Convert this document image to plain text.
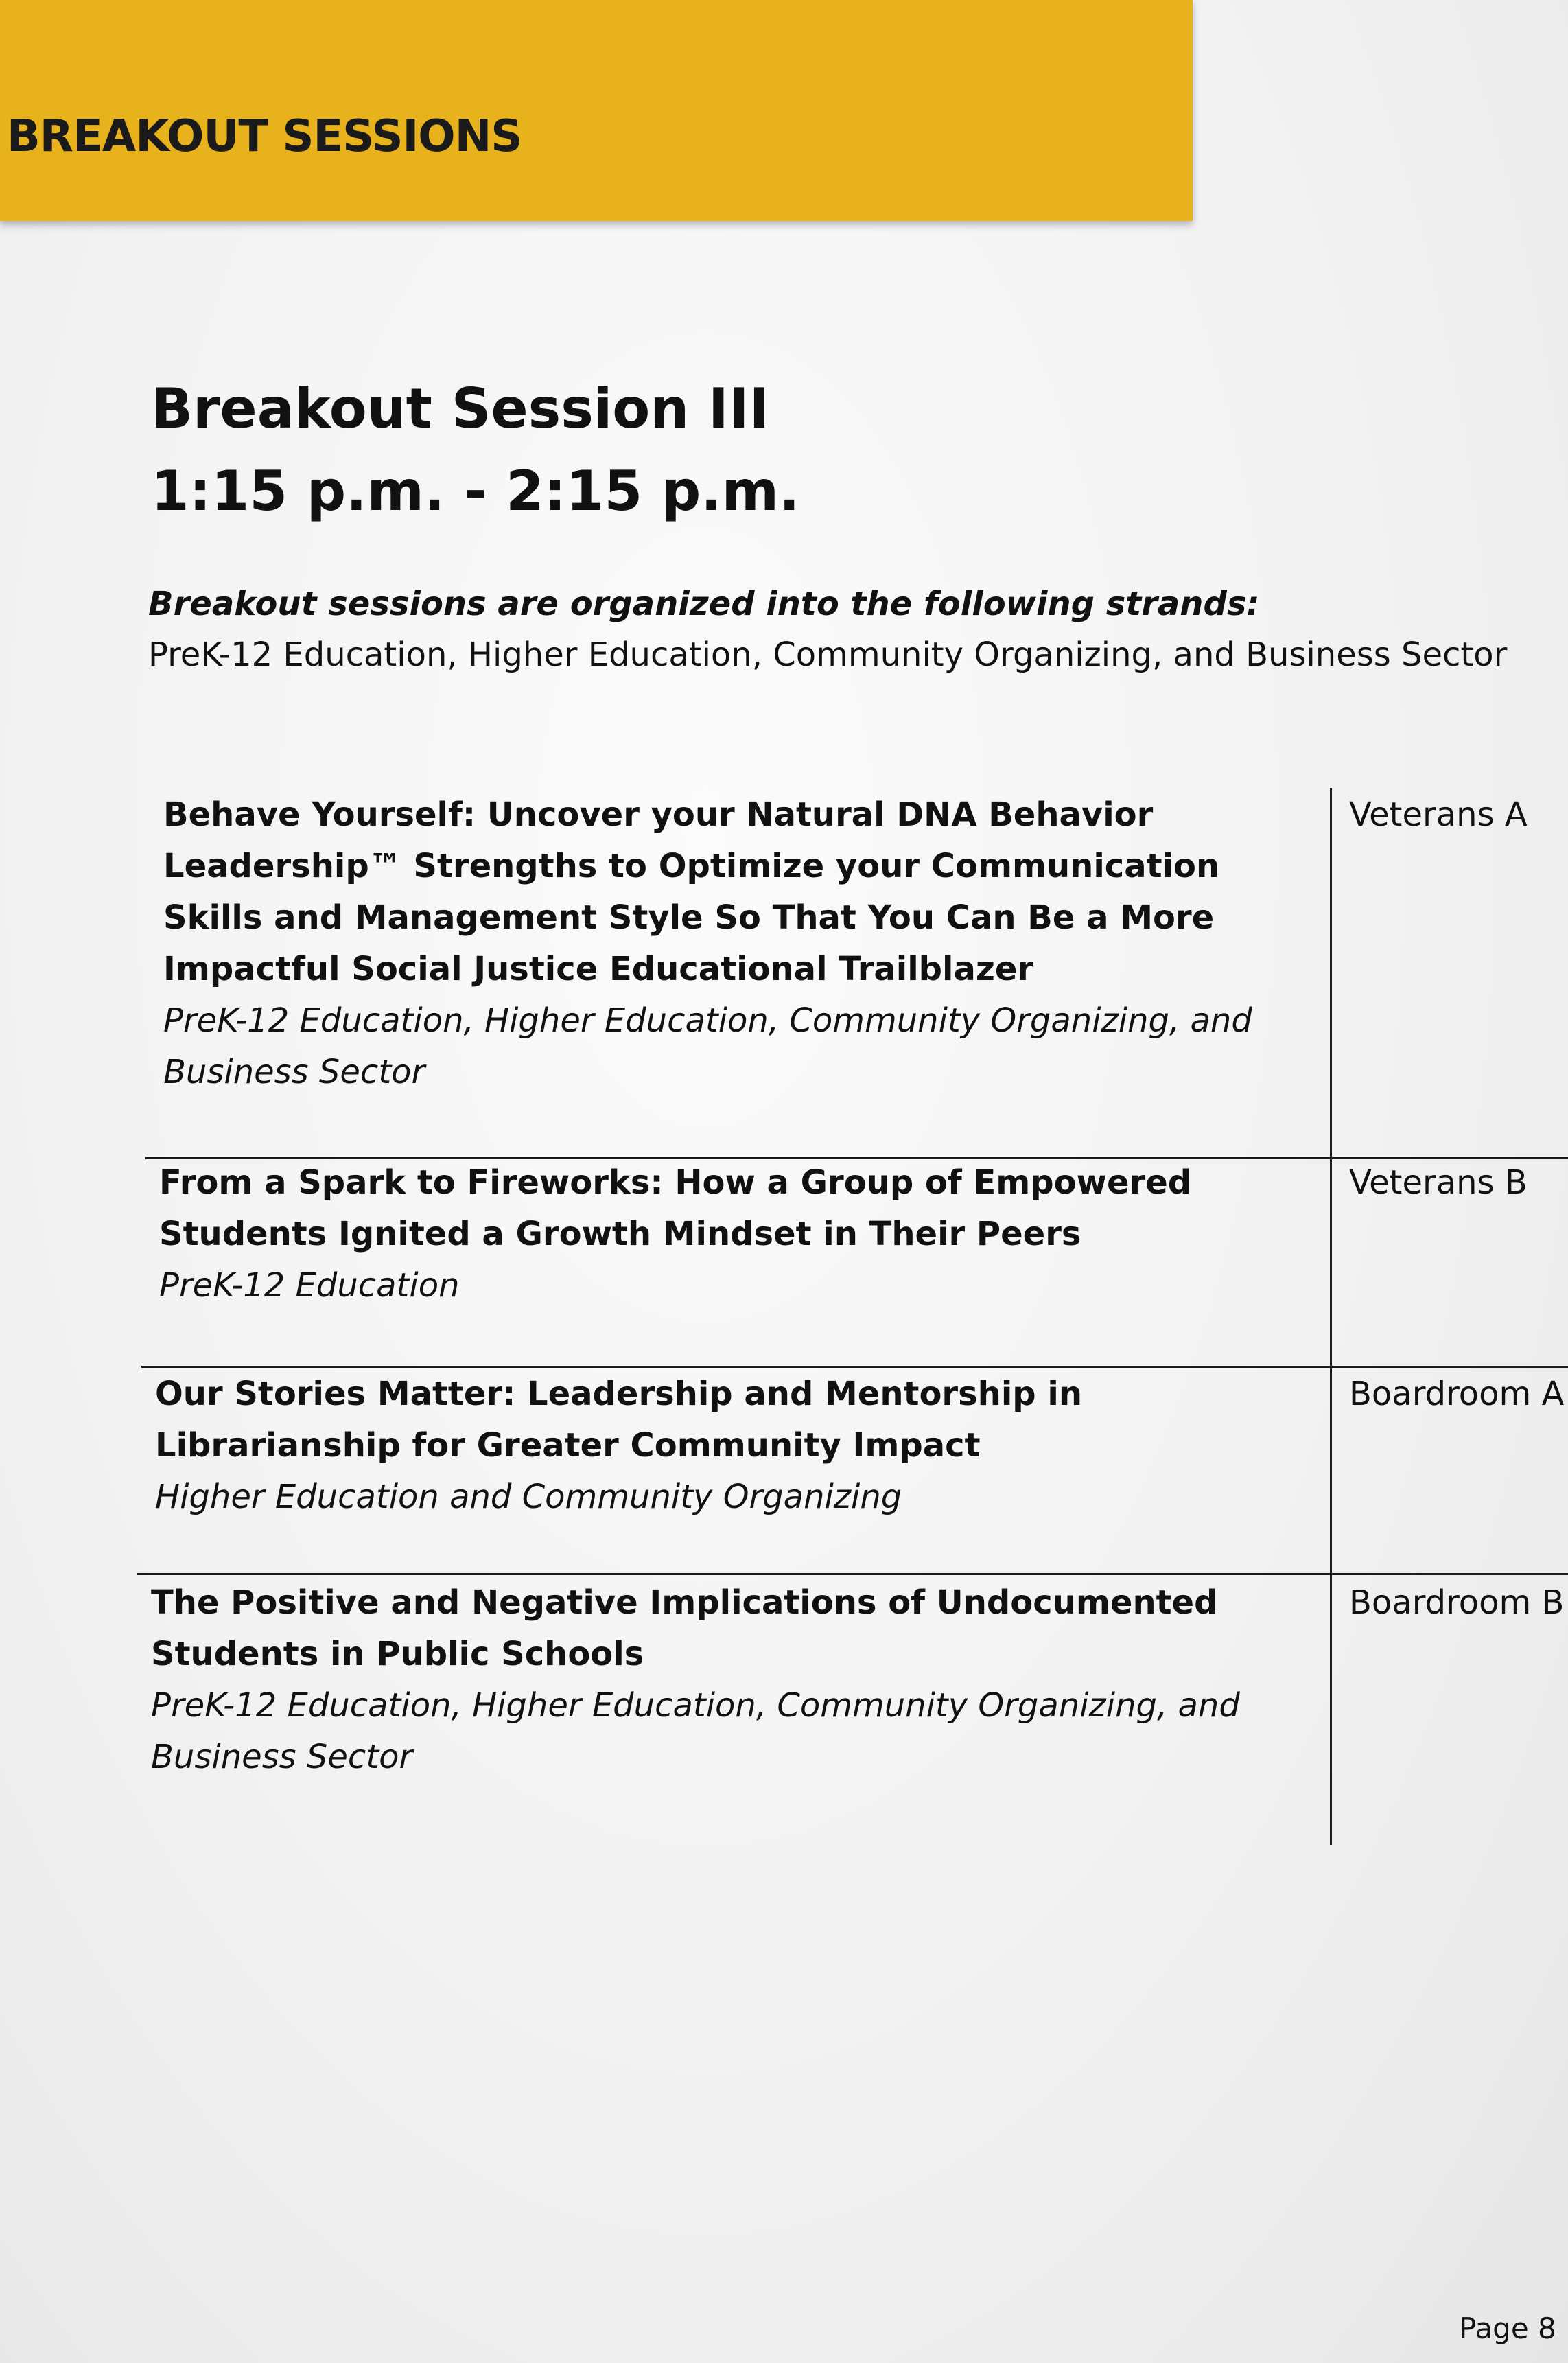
BREAKOUT SESSIONS
Breakout Session III
1:15 p.m. - 2:15 p.m.
Breakout sessions are organized into the following strands:
PreK-12 Education, Higher Education, Community Organizing, and Business Sector
Behave Yourself: Uncover your Natural DNA Behavior Leadership™ Strengths to Optimize your Communication Skills and Management Style So That You Can Be a More Impactful Social Justice Educational Trailblazer
PreK-12 Education, Higher Education, Community Organizing, and Business Sector
Veterans A
From a Spark to Fireworks: How a Group of Empowered Students Ignited a Growth Mindset in Their Peers
PreK-12 Education
Veterans B
Our Stories Matter: Leadership and Mentorship in Librarianship for Greater Community Impact
Higher Education and Community Organizing
Boardroom A
The Positive and Negative Implications of Undocumented Students in Public Schools
PreK-12 Education, Higher Education, Community Organizing, and Business Sector
Boardroom B
Page 8
